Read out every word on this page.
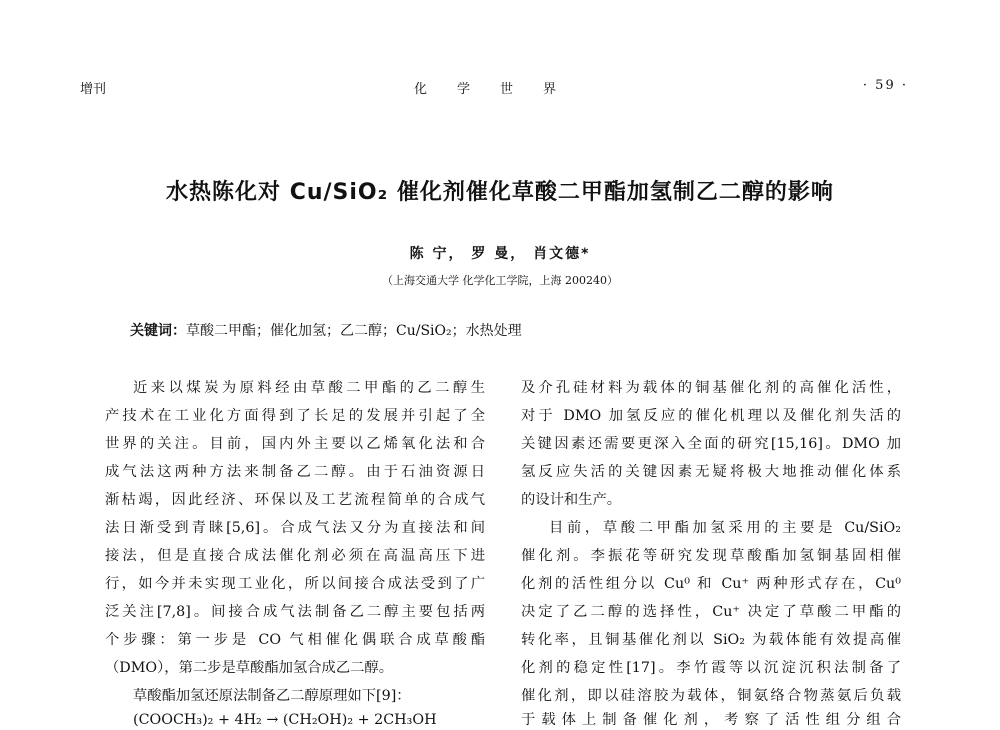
增刊	化学世界	· 59 ·
水热陈化对 Cu/SiO₂ 催化剂催化草酸二甲酯加氢制乙二醇的影响
陈 宁， 罗 曼， 肖文德*
（上海交通大学 化学化工学院，上海 200240）
关键词：草酸二甲酯；催化加氢；乙二醇；Cu/SiO₂；水热处理
近来以煤炭为原料经由草酸二甲酯的乙二醇生
产技术在工业化方面得到了长足的发展并引起了全
世界的关注。目前，国内外主要以乙烯氧化法和合
成气法这两种方法来制备乙二醇。由于石油资源日
渐枯竭，因此经济、环保以及工艺流程简单的合成气
法日渐受到青睐[5,6]。合成气法又分为直接法和间
接法，但是直接合成法催化剂必须在高温高压下进
行，如今并未实现工业化，所以间接合成法受到了广
泛关注[7,8]。间接合成气法制备乙二醇主要包括两
个步骤：第一步是 CO 气相催化偶联合成草酸酯
（DMO），第二步是草酸酯加氢合成乙二醇。
草酸酯加氢还原法制备乙二醇原理如下[9]：
(COOCH₃)₂ + 4H₂ → (CH₂OH)₂ + 2CH₃OH
及介孔硅材料为载体的铜基催化剂的高催化活性，
对于 DMO 加氢反应的催化机理以及催化剂失活的
关键因素还需要更深入全面的研究[15,16]。DMO 加
氢反应失活的关键因素无疑将极大地推动催化体系
的设计和生产。
目前，草酸二甲酯加氢采用的主要是 Cu/SiO₂
催化剂。李振花等研究发现草酸酯加氢铜基固相催
化剂的活性组分以 Cu⁰ 和 Cu⁺ 两种形式存在，Cu⁰
决定了乙二醇的选择性，Cu⁺ 决定了草酸二甲酯的
转化率，且铜基催化剂以 SiO₂ 为载体能有效提高催
化剂的稳定性[17]。李竹霞等以沉淀沉积法制备了
催化剂，即以硅溶胶为载体，铜氨络合物蒸氨后负载
于载体上制备催化剂，考察了活性组分组合
